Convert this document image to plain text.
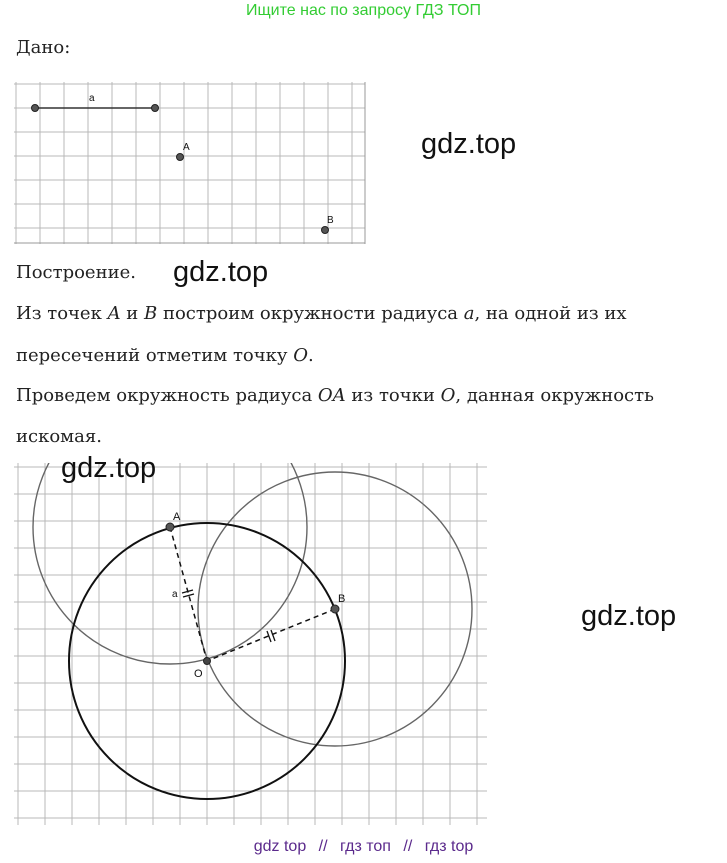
Ищите нас по запросу ГДЗ ТОП
Дано:
a
A
B
gdz.top
Построение. gdz.top
Из точек A и B построим окружности радиуса a, на одной из их
пересечений отметим точку O.
Проведем окружность радиуса OA из точки O, данная окружность
искомая.
A
B
O
a
gdz.top
gdz.top
gdz top // гдз топ // гдз top
